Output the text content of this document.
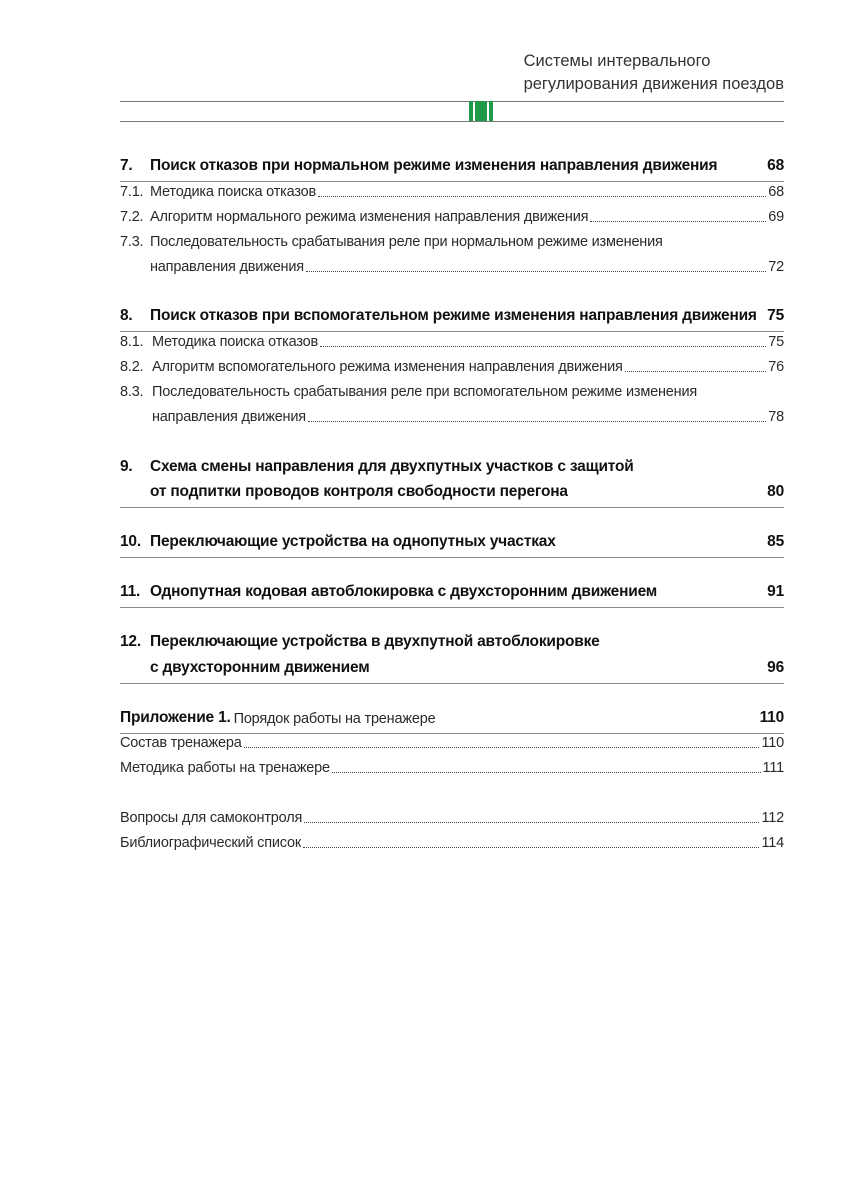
Системы интервального
регулирования движения поездов
7.	Поиск отказов при нормальном режиме изменения направления движения	68
7.1. Методика поиска отказов	68
7.2. Алгоритм нормального режима изменения направления движения	69
7.3. Последовательность срабатывания реле при нормальном режиме изменения
направления движения	72
8.	Поиск отказов при вспомогательном режиме изменения направления движения 75
8.1. Методика поиска отказов	75
8.2. Алгоритм вспомогательного режима изменения направления движения	76
8.3. Последовательность срабатывания реле при вспомогательном режиме изменения
направления движения	78
9.	Схема смены направления для двухпутных участков с защитой
от подпитки проводов контроля свободности перегона	80
10. Переключающие устройства на однопутных участках	85
11. Однопутная кодовая автоблокировка с двухсторонним движением	91
12. Переключающие устройства в двухпутной автоблокировке
с двухсторонним движением	96
Приложение 1. Порядок работы на тренажере	110
Состав тренажера	110
Методика работы на тренажере	111
Вопросы для самоконтроля	112
Библиографический список	114
